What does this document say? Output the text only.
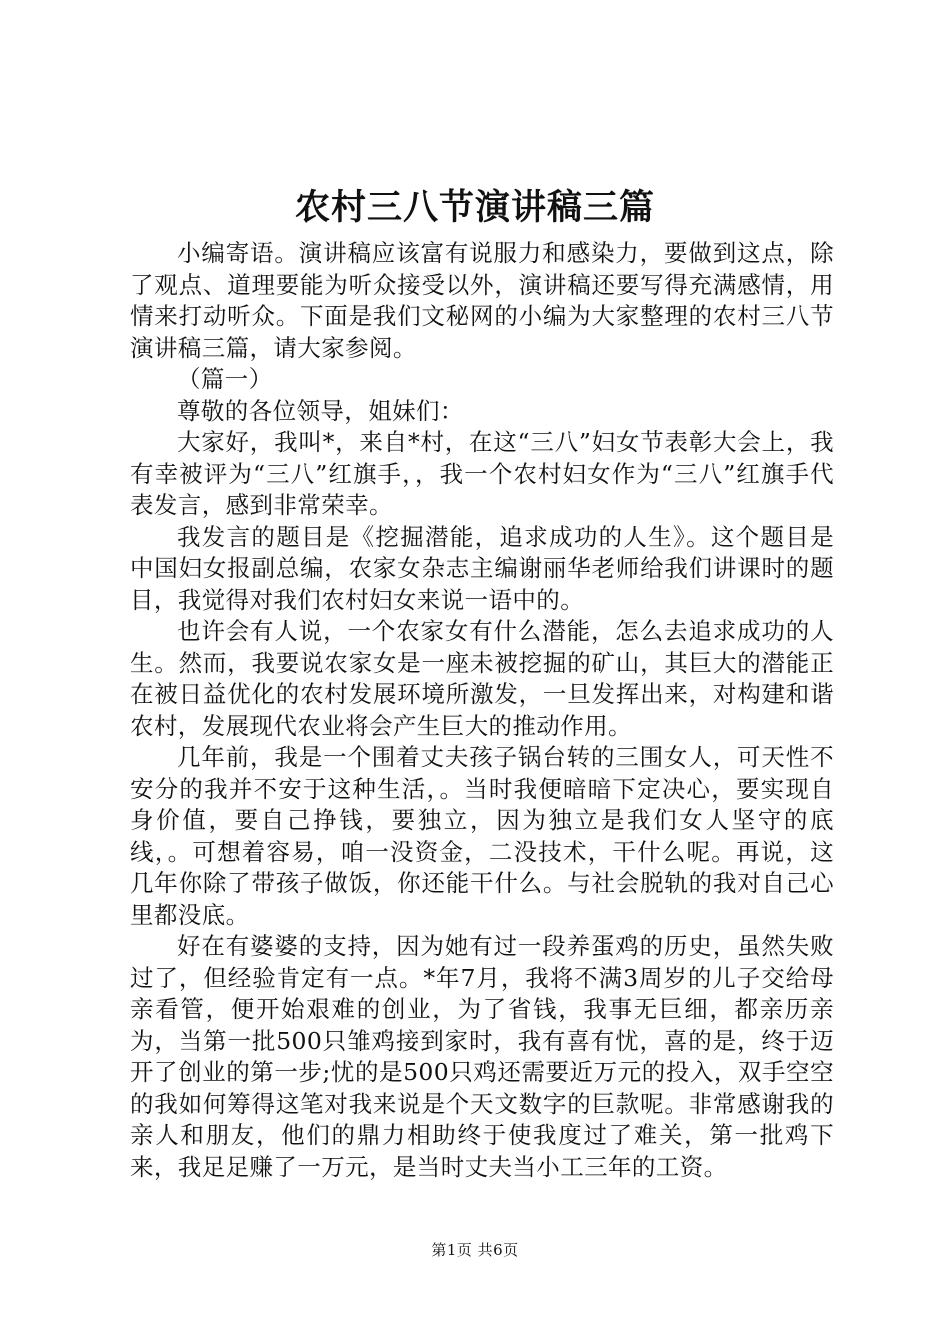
农村三八节演讲稿三篇

小编寄语。演讲稿应该富有说服力和感染力，要做到这点，除了观点、道理要能为听众接受以外，演讲稿还要写得充满感情，用情来打动听众。下面是我们文秘网的小编为大家整理的农村三八节演讲稿三篇，请大家参阅。

（篇一）

尊敬的各位领导，姐妹们：

大家好，我叫*，来自*村，在这“三八”妇女节表彰大会上，我有幸被评为“三八”红旗手，，我一个农村妇女作为“三八”红旗手代表发言，感到非常荣幸。

我发言的题目是《挖掘潜能，追求成功的人生》。这个题目是中国妇女报副总编，农家女杂志主编谢丽华老师给我们讲课时的题目，我觉得对我们农村妇女来说一语中的。

也许会有人说，一个农家女有什么潜能，怎么去追求成功的人生。然而，我要说农家女是一座未被挖掘的矿山，其巨大的潜能正在被日益优化的农村发展环境所激发，一旦发挥出来，对构建和谐农村，发展现代农业将会产生巨大的推动作用。

几年前，我是一个围着丈夫孩子锅台转的三围女人，可天性不安分的我并不安于这种生活，。当时我便暗暗下定决心，要实现自身价值，要自己挣钱，要独立，因为独立是我们女人坚守的底线，。可想着容易，咱一没资金，二没技术，干什么呢。再说，这几年你除了带孩子做饭，你还能干什么。与社会脱轨的我对自己心里都没底。

好在有婆婆的支持，因为她有过一段养蛋鸡的历史，虽然失败过了，但经验肯定有一点。*年7月，我将不满3周岁的儿子交给母亲看管，便开始艰难的创业，为了省钱，我事无巨细，都亲历亲为，当第一批500只雏鸡接到家时，我有喜有忧，喜的是，终于迈开了创业的第一步;忧的是500只鸡还需要近万元的投入，双手空空的我如何筹得这笔对我来说是个天文数字的巨款呢。非常感谢我的亲人和朋友，他们的鼎力相助终于使我度过了难关，第一批鸡下来，我足足赚了一万元，是当时丈夫当小工三年的工资。

第1页 共6页
